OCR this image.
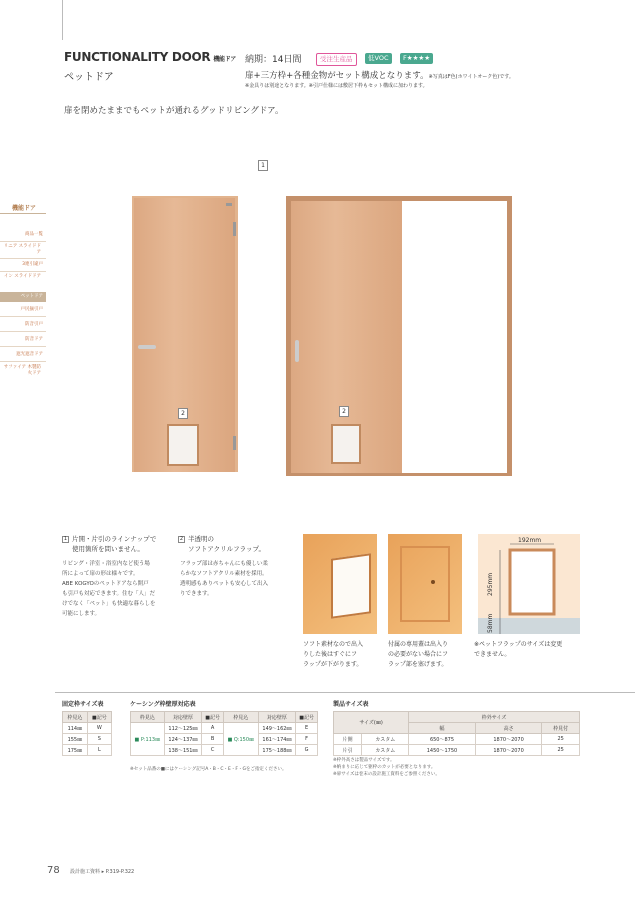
FUNCTIONALITY DOOR 機能ドア
ペットドア
納期：14日間	受注生産品	低VOC	F★★★★
扉+三方枠+各種金物がセット構成となります。※写真はF色(ホワイトオーク色)です。
※金具りは別途となります。※引戸仕様には敷居下枠もセット構成に加わります。
扉を閉めたままでもペットが通れるグッドリビングドア。
機能ドア
商品一覧
リニア スライドドア
3連引違戸
イン スライドドア
ペットドア
戸尻揃引戸
防音引戸
防音ドア
遮光遮音ドア
サファイア 木製防火ドア
1
2	2
1 片開・片引のラインナップで
使用箇所を問いません。
リビング・洋室・浴室内など使う場
所によって扉の形は様々です。
ABE KOGYOのペットドアなら開戸
も引戸も対応できます。住む「人」だ
けでなく「ペット」も快適な暮らしを
可能にします。
2 半透明の
ソフトアクリルフラップ。
フラップ部は赤ちゃんにも優しい柔
らかなソフトアクリル素材を採用。
透明感もありペットも安心して出入
りできます。
ソフト素材なので出入
りした後はすぐにフ
ラップが下がります。
付属の専用蓋は出入り
の必要がない場合にフ
ラップ部を塞げます。
※ペットフラップのサイズは変更
できません。
192mm
295mm
58mm
固定枠サイズ表
枠見込	■記号
114㎜	W
155㎜	S
175㎜	L
ケーシング枠壁厚対応表
枠見込	対応壁厚	■記号	枠見込	対応壁厚	■記号
■ P:113㎜	112〜125㎜	A	■ Q:150㎜	149〜162㎜	E
	124〜137㎜	B		161〜174㎜	F
	138〜151㎜	C		175〜188㎜	G
※セット品番の■にはケーシング記号A・B・C・E・F・Gをご指定ください。
製品サイズ表
サイズ(㎜)		枠外サイズ		
		幅	高さ	枠見付
片開	カスタム	650〜875	1870〜2070	25
片引	カスタム	1450〜1750	1870〜2070	25
※枠外高さは製品サイズです。
※納まりに応じて躯枠のカットが必要となります。
※扉サイズは巻末の設計施工資料をご参照ください。
78 設計施工資料 ▸ P.319-P.322
